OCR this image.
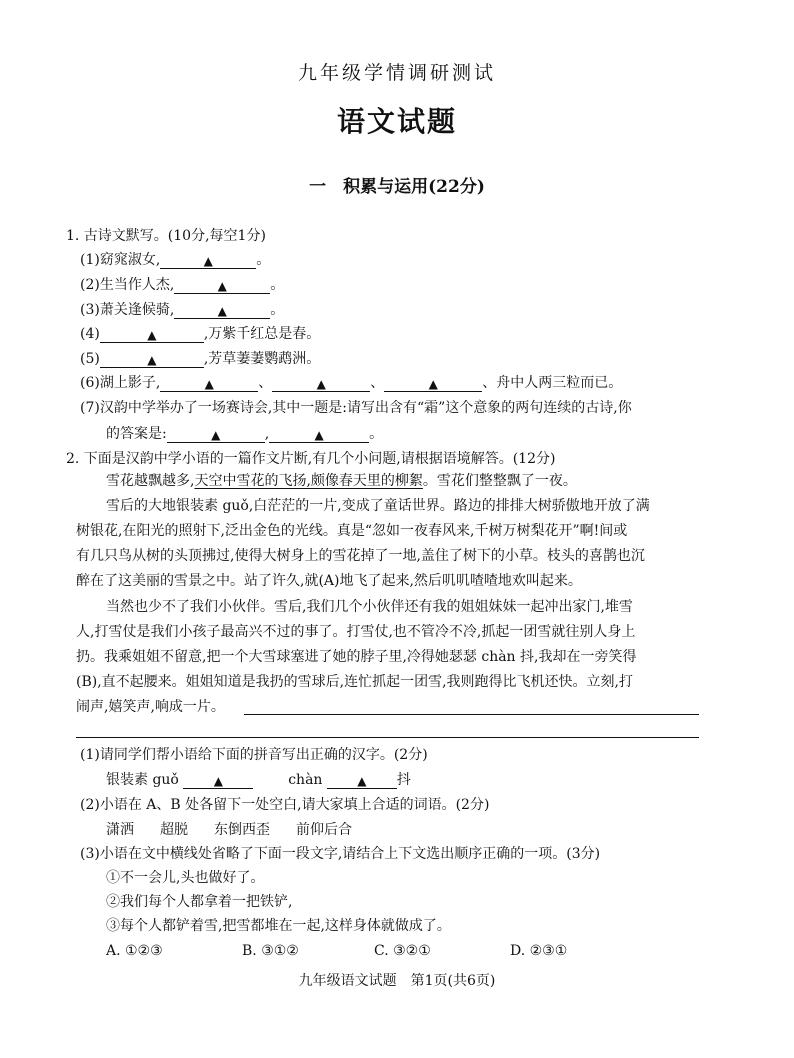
九年级学情调研测试
语文试题
一　积累与运用(22分)
1. 古诗文默写。(10分,每空1分)
(1)窈窕淑女,	▲	。
(2)生当作人杰,	▲	。
(3)萧关逢候骑,	▲	。
(4)	▲	,万紫千红总是春。
(5)	▲	,芳草萋萋鹦鹉洲。
(6)湖上影子,	▲	、	▲	、	▲	、舟中人两三粒而已。
(7)汉韵中学举办了一场赛诗会,其中一题是:请写出含有“霜”这个意象的两句连续的古诗,你
的答案是:	▲	,	▲	。
2. 下面是汉韵中学小语的一篇作文片断,有几个小问题,请根据语境解答。(12分)
雪花越飘越多,天空中雪花的飞扬,颇像春天里的柳絮。雪花们整整飘了一夜。
雪后的大地银装素 guǒ,白茫茫的一片,变成了童话世界。路边的排排大树骄傲地开放了满
树银花,在阳光的照射下,泛出金色的光线。真是“忽如一夜春风来,千树万树梨花开”啊!间或
有几只鸟从树的头顶拂过,使得大树身上的雪花掉了一地,盖住了树下的小草。枝头的喜鹊也沉
醉在了这美丽的雪景之中。站了许久,就(A)地飞了起来,然后叽叽喳喳地欢叫起来。
当然也少不了我们小伙伴。雪后,我们几个小伙伴还有我的姐姐妹妹一起冲出家门,堆雪
人,打雪仗是我们小孩子最高兴不过的事了。打雪仗,也不管冷不冷,抓起一团雪就往别人身上
扔。我乘姐姐不留意,把一个大雪球塞进了她的脖子里,冷得她瑟瑟 chàn 抖,我却在一旁笑得
(B),直不起腰来。姐姐知道是我扔的雪球后,连忙抓起一团雪,我则跑得比飞机还快。立刻,打
闹声,嬉笑声,响成一片。
(1)请同学们帮小语给下面的拼音写出正确的汉字。(2分)
银装素 guǒ	▲	chàn	▲ 抖
(2)小语在 A、B 处各留下一处空白,请大家填上合适的词语。(2分)
潇洒 超脱 东倒西歪 前仰后合
(3)小语在文中横线处省略了下面一段文字,请结合上下文选出顺序正确的一项。(3分)
①不一会儿,头也做好了。
②我们每个人都拿着一把铁铲,
③每个人都铲着雪,把雪都堆在一起,这样身体就做成了。
A. ①②③	B. ③①②	C. ③②①	D. ②③①
九年级语文试题　第1页(共6页)
